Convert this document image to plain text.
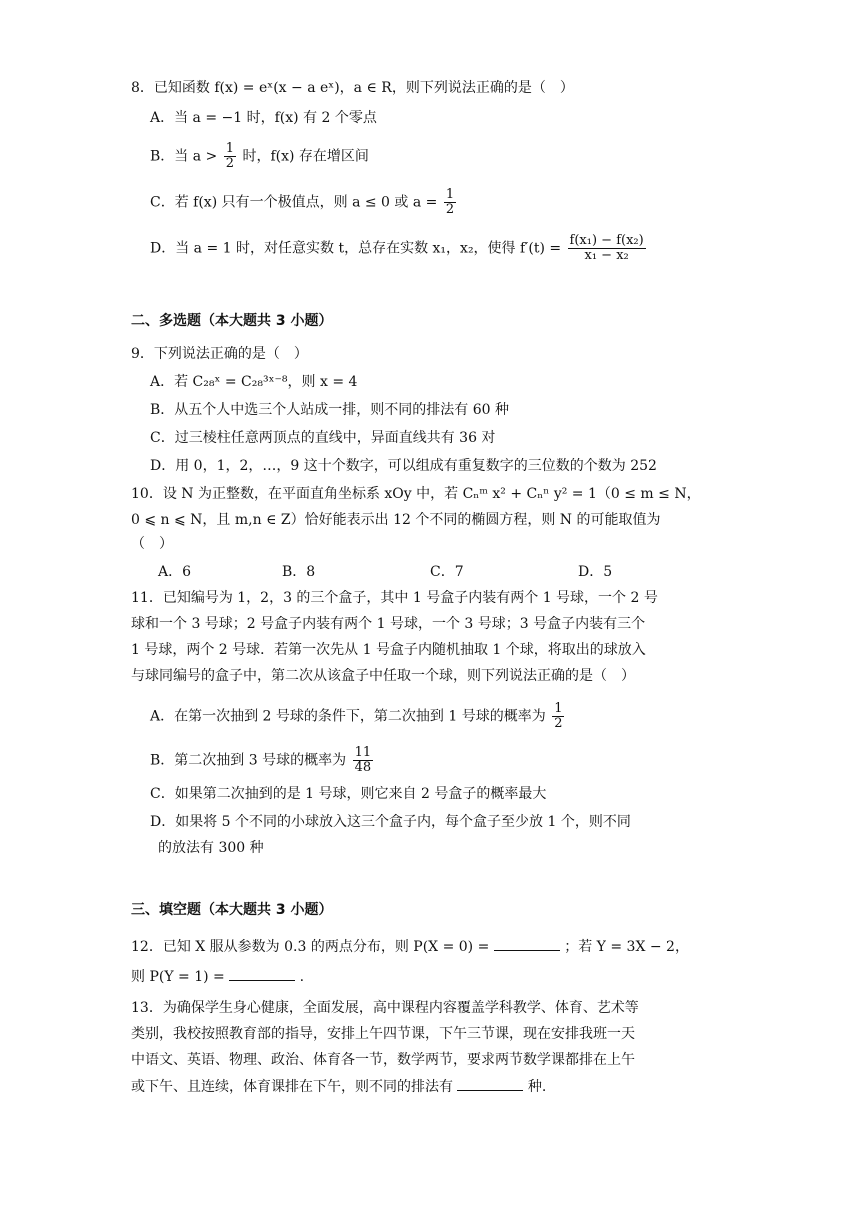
8．已知函数 f(x) = eˣ(x − a eˣ)，a ∈ R，则下列说法正确的是（　）
A．当 a = −1 时，f(x) 有 2 个零点
B．当 $a > \frac{1}{2}$ 时，f(x) 存在增区间
C．若 f(x) 只有一个极值点，则 a ≤ 0 或 $a = \frac{1}{2}$
D．当 a = 1 时，对任意实数 t，总存在实数 x₁，x₂，使得 $f'(t) = \frac{\text{f(x₁) − f(x₂)}}{\text{x₁ − x₂}}$
二、多选题（本大题共 3 小题）
9．下列说法正确的是（　）
A．若 C₂₈ˣ = C₂₈³ˣ⁻⁸，则 x = 4
B．从五个人中选三个人站成一排，则不同的排法有 60 种
C．过三棱柱任意两顶点的直线中，异面直线共有 36 对
D．用 0，1，2，…，9 这十个数字，可以组成有重复数字的三位数的个数为 252
10．设 N 为正整数，在平面直角坐标系 xOy 中，若 Cₙᵐ x² + Cₙⁿ y² = 1（0 ≤ m ≤ N，
0 ⩽ n ⩽ N，且 m,n ∈ Z）恰好能表示出 12 个不同的椭圆方程，则 N 的可能取值为
（　）
A．6	B．8	C．7	D．5
11．已知编号为 1，2，3 的三个盒子，其中 1 号盒子内装有两个 1 号球，一个 2 号
球和一个 3 号球；2 号盒子内装有两个 1 号球，一个 3 号球；3 号盒子内装有三个
1 号球，两个 2 号球．若第一次先从 1 号盒子内随机抽取 1 个球，将取出的球放入
与球同编号的盒子中，第二次从该盒子中任取一个球，则下列说法正确的是（　）
A．在第一次抽到 2 号球的条件下，第二次抽到 1 号球的概率为 $\frac{1}{2}$
B．第二次抽到 3 号球的概率为 $\frac{11}{48}$
C．如果第二次抽到的是 1 号球，则它来自 2 号盒子的概率最大
D．如果将 5 个不同的小球放入这三个盒子内，每个盒子至少放 1 个，则不同
的放法有 300 种
三、填空题（本大题共 3 小题）
12．已知 X 服从参数为 0.3 的两点分布，则 P(X = 0) =	；若 Y = 3X − 2，
则 P(Y = 1) =	.
13．为确保学生身心健康，全面发展，高中课程内容覆盖学科教学、体育、艺术等
类别，我校按照教育部的指导，安排上午四节课，下午三节课，现在安排我班一天
中语文、英语、物理、政治、体育各一节，数学两节，要求两节数学课都排在上午
或下午、且连续，体育课排在下午，则不同的排法有	种.
